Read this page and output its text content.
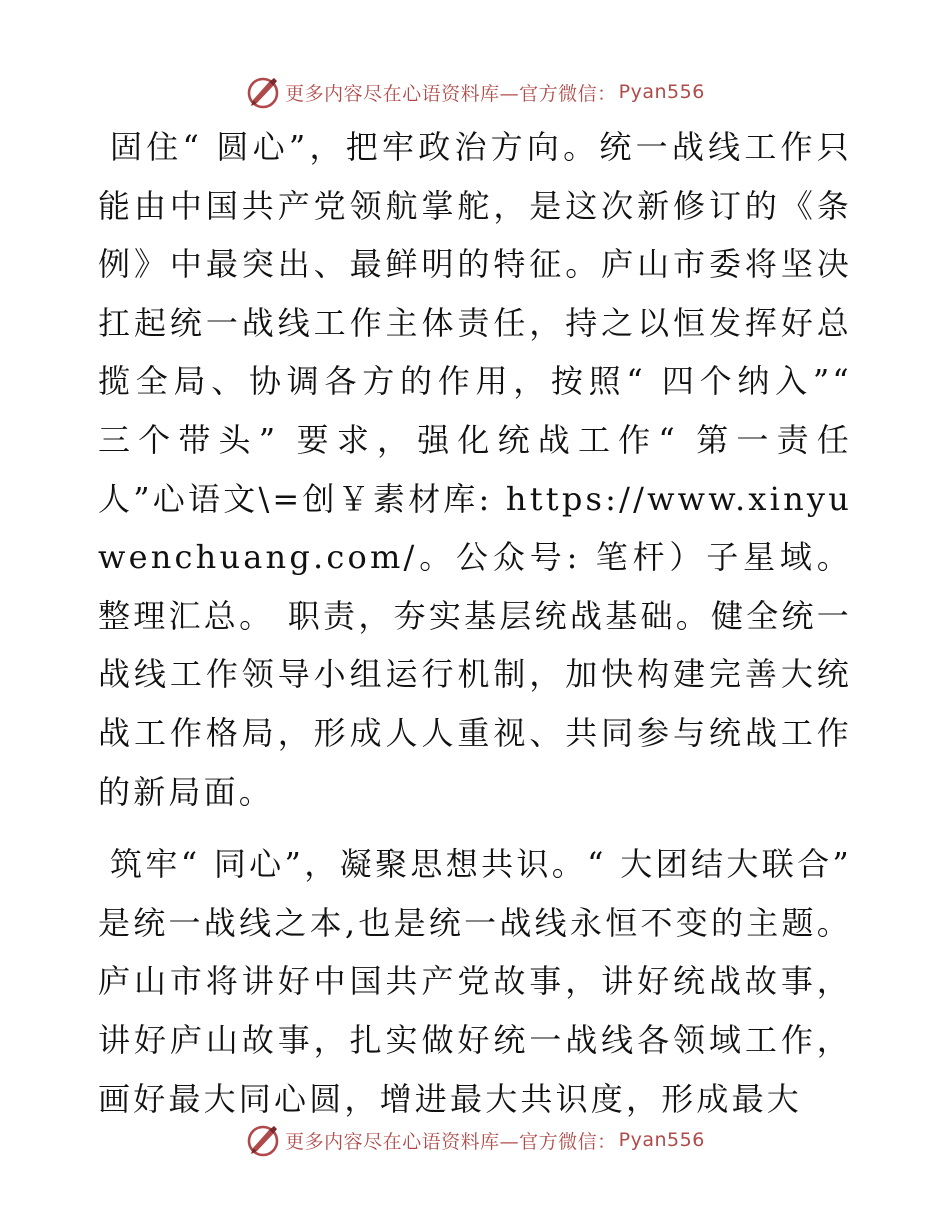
更多内容尽在心语资料库—官方微信： Pyan556

固住“ 圆心”，把牢政治方向。统一战线工作只能由中国共产党领航掌舵，是这次新修订的《条例》中最突出、最鲜明的特征。庐山市委将坚决扛起统一战线工作主体责任，持之以恒发挥好总揽全局、协调各方的作用，按照“ 四个纳入”“ 三个带头” 要求，强化统战工作“ 第一责任人”心语文\=创￥素材库: https://www.xinyuwenchuang.com/。公众号: 笔杆）子星域。整理汇总。 职责，夯实基层统战基础。健全统一战线工作领导小组运行机制，加快构建完善大统战工作格局，形成人人重视、共同参与统战工作的新局面。

筑牢“ 同心”，凝聚思想共识。“ 大团结大联合” 是统一战线之本,也是统一战线永恒不变的主题。庐山市将讲好中国共产党故事，讲好统战故事，讲好庐山故事，扎实做好统一战线各领域工作，画好最大同心圆，增进最大共识度，形成最大

更多内容尽在心语资料库—官方微信： Pyan556
